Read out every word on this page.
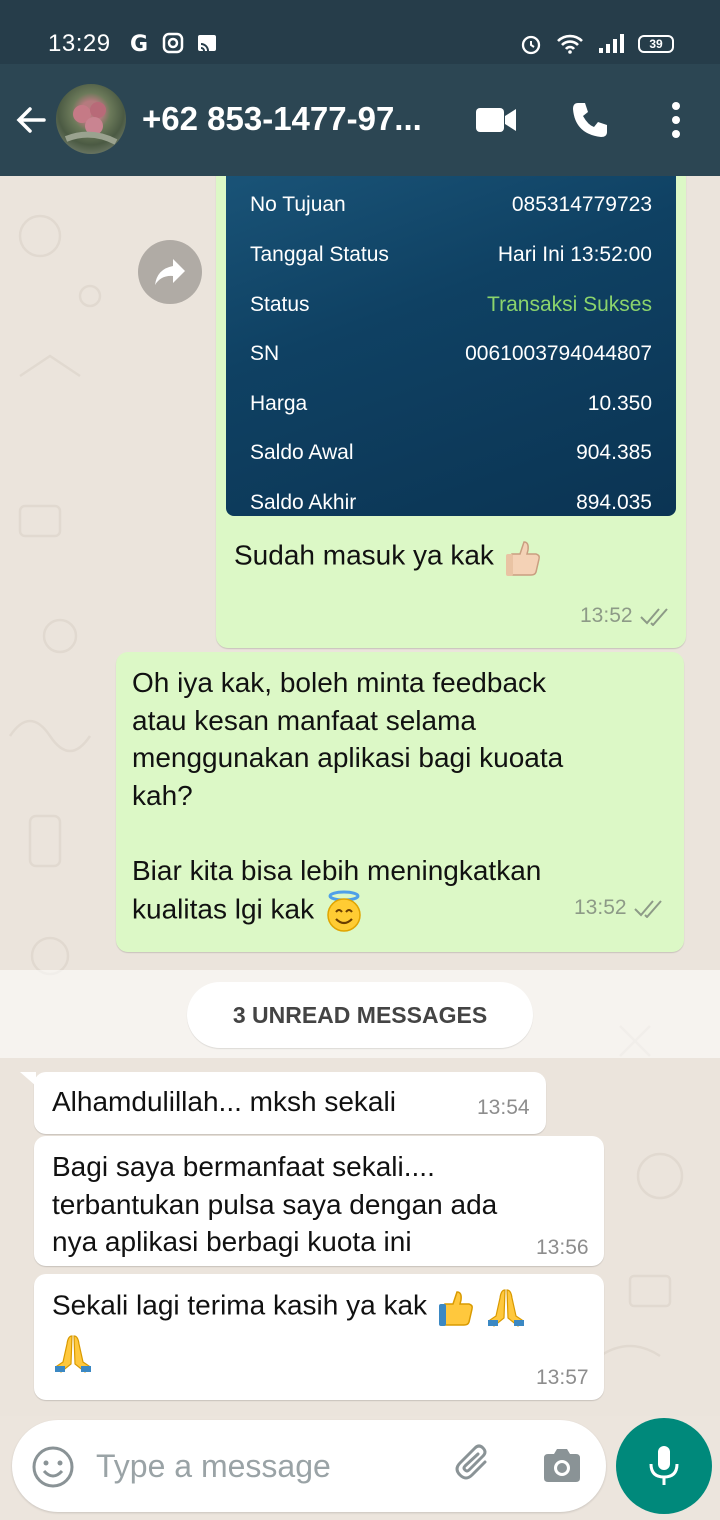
13:29 G	39
+62 853-1477-97...
No Tujuan	085314779723
Tanggal Status	Hari Ini 13:52:00
Status	Transaksi Sukses
SN	0061003794044807
Harga	10.350
Saldo Awal	904.385
Saldo Akhir	894.035
Sudah masuk ya kak
13:52
Oh iya kak, boleh minta feedback
atau kesan manfaat selama
menggunakan aplikasi bagi kuoata
kah?
Biar kita bisa lebih meningkatkan
kualitas lgi kak	13:52
3 UNREAD MESSAGES
Alhamdulillah... mksh sekali	13:54
Bagi saya bermanfaat sekali....
terbantukan pulsa saya dengan ada
nya aplikasi berbagi kuota ini	13:56
Sekali lagi terima kasih ya kak
13:57
Type a message
